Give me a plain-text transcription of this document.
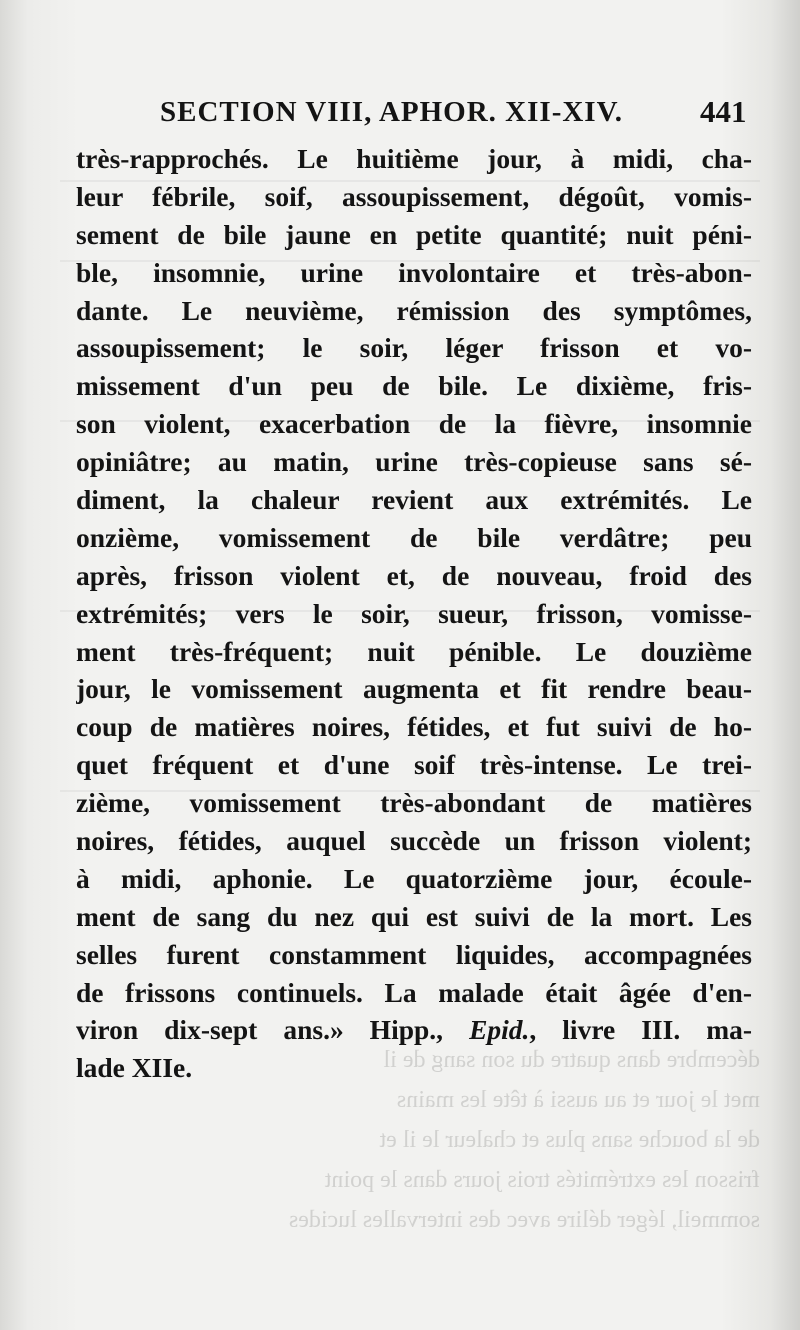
SECTION VIII, APHOR. XII-XIV.	441
très-rapprochés. Le huitième jour, à midi, cha-
leur fébrile, soif, assoupissement, dégoût, vomis-
sement de bile jaune en petite quantité; nuit péni-
ble, insomnie, urine involontaire et très-abon-
dante. Le neuvième, rémission des symptômes,
assoupissement; le soir, léger frisson et vo-
missement d'un peu de bile. Le dixième, fris-
son violent, exacerbation de la fièvre, insomnie
opiniâtre; au matin, urine très-copieuse sans sé-
diment, la chaleur revient aux extrémités. Le
onzième, vomissement de bile verdâtre; peu
après, frisson violent et, de nouveau, froid des
extrémités; vers le soir, sueur, frisson, vomisse-
ment très-fréquent; nuit pénible. Le douzième
jour, le vomissement augmenta et fit rendre beau-
coup de matières noires, fétides, et fut suivi de ho-
quet fréquent et d'une soif très-intense. Le trei-
zième, vomissement très-abondant de matières
noires, fétides, auquel succède un frisson violent;
à midi, aphonie. Le quatorzième jour, écoule-
ment de sang du nez qui est suivi de la mort. Les
selles furent constamment liquides, accompagnées
de frissons continuels. La malade était âgée d'en-
viron dix-sept ans.» Hipp., Epid., livre III. ma-
lade XIIe.	décembre dans quatre du son sang de il
met le jour et au aussi à tête les mains
de la bouche sans plus et chaleur le il et
frisson les extrémités trois jours dans le point
sommeil, léger délire avec des intervalles lucides
